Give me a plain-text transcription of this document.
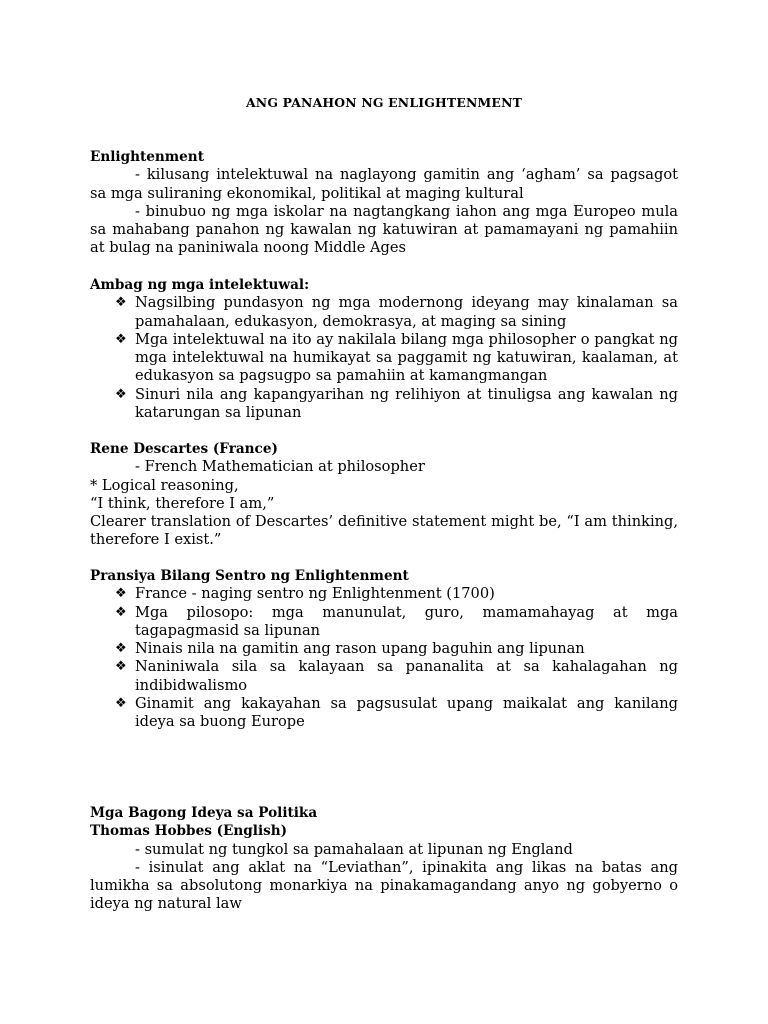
ANG PANAHON NG ENLIGHTENMENT

Enlightenment

- kilusang intelektuwal na naglayong gamitin ang ‘agham’ sa pagsagot sa mga suliraning ekonomikal, politikal at maging kultural

- binubuo ng mga iskolar na nagtangkang iahon ang mga Europeo mula sa mahabang panahon ng kawalan ng katuwiran at pamamayani ng pamahiin at bulag na paniniwala noong Middle Ages

Ambag ng mga intelektuwal:

❖ Nagsilbing pundasyon ng mga modernong ideyang may kinalaman sa pamahalaan, edukasyon, demokrasya, at maging sa sining
❖ Mga intelektuwal na ito ay nakilala bilang mga philosopher o pangkat ng mga intelektuwal na humikayat sa paggamit ng katuwiran, kaalaman, at edukasyon sa pagsugpo sa pamahiin at kamangmangan
❖ Sinuri nila ang kapangyarihan ng relihiyon at tinuligsa ang kawalan ng katarungan sa lipunan

Rene Descartes (France)

- French Mathematician at philosopher

* Logical reasoning,

“I think, therefore I am,”

Clearer translation of Descartes’ definitive statement might be, “I am thinking, therefore I exist.”

Pransiya Bilang Sentro ng Enlightenment

❖ France - naging sentro ng Enlightenment (1700)
❖ Mga pilosopo: mga manunulat, guro, mamamahayag at mga tagapagmasid sa lipunan
❖ Ninais nila na gamitin ang rason upang baguhin ang lipunan
❖ Naniniwala sila sa kalayaan sa pananalita at sa kahalagahan ng indibidwalismo
❖ Ginamit ang kakayahan sa pagsusulat upang maikalat ang kanilang ideya sa buong Europe

Mga Bagong Ideya sa Politika

Thomas Hobbes (English)

- sumulat ng tungkol sa pamahalaan at lipunan ng England

- isinulat ang aklat na “Leviathan”, ipinakita ang likas na batas ang lumikha sa absolutong monarkiya na pinakamagandang anyo ng gobyerno o ideya ng natural law
